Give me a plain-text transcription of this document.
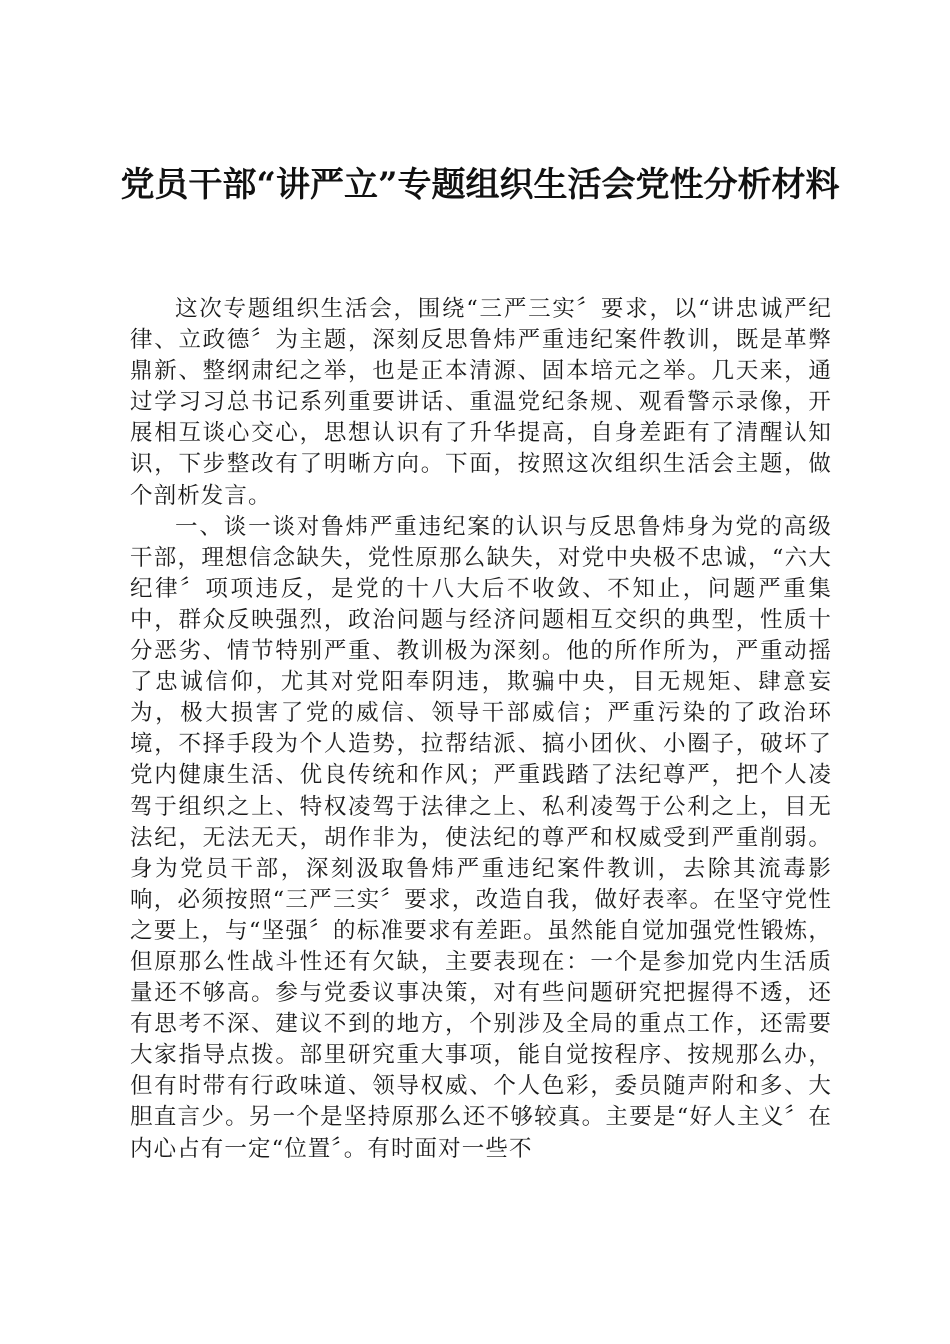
党员干部“讲严立”专题组织生活会党性分析材料

这次专题组织生活会，围绕“三严三实〞要求，以“讲忠诚严纪律、立政德〞为主题，深刻反思鲁炜严重违纪案件教训，既是革弊鼎新、整纲肃纪之举，也是正本清源、固本培元之举。几天来，通过学习习总书记系列重要讲话、重温党纪条规、观看警示录像，开展相互谈心交心，思想认识有了升华提高，自身差距有了清醒认知识，下步整改有了明晰方向。下面，按照这次组织生活会主题，做个剖析发言。

一、谈一谈对鲁炜严重违纪案的认识与反思鲁炜身为党的高级干部，理想信念缺失，党性原那么缺失，对党中央极不忠诚，“六大纪律〞项项违反，是党的十八大后不收敛、不知止，问题严重集中，群众反映强烈，政治问题与经济问题相互交织的典型，性质十分恶劣、情节特别严重、教训极为深刻。他的所作所为，严重动摇了忠诚信仰，尤其对党阳奉阴违，欺骗中央，目无规矩、肆意妄为，极大损害了党的威信、领导干部威信；严重污染的了政治环境，不择手段为个人造势，拉帮结派、搞小团伙、小圈子，破坏了党内健康生活、优良传统和作风；严重践踏了法纪尊严，把个人凌驾于组织之上、特权凌驾于法律之上、私利凌驾于公利之上，目无法纪，无法无天，胡作非为，使法纪的尊严和权威受到严重削弱。身为党员干部，深刻汲取鲁炜严重违纪案件教训，去除其流毒影响，必须按照“三严三实〞要求，改造自我，做好表率。在坚守党性之要上，与“坚强〞的标准要求有差距。虽然能自觉加强党性锻炼，但原那么性战斗性还有欠缺，主要表现在：一个是参加党内生活质量还不够高。参与党委议事决策，对有些问题研究把握得不透，还有思考不深、建议不到的地方，个别涉及全局的重点工作，还需要大家指导点拨。部里研究重大事项，能自觉按程序、按规那么办，但有时带有行政味道、领导权威、个人色彩，委员随声附和多、大胆直言少。另一个是坚持原那么还不够较真。主要是“好人主义〞在内心占有一定“位置〞。有时面对一些不
